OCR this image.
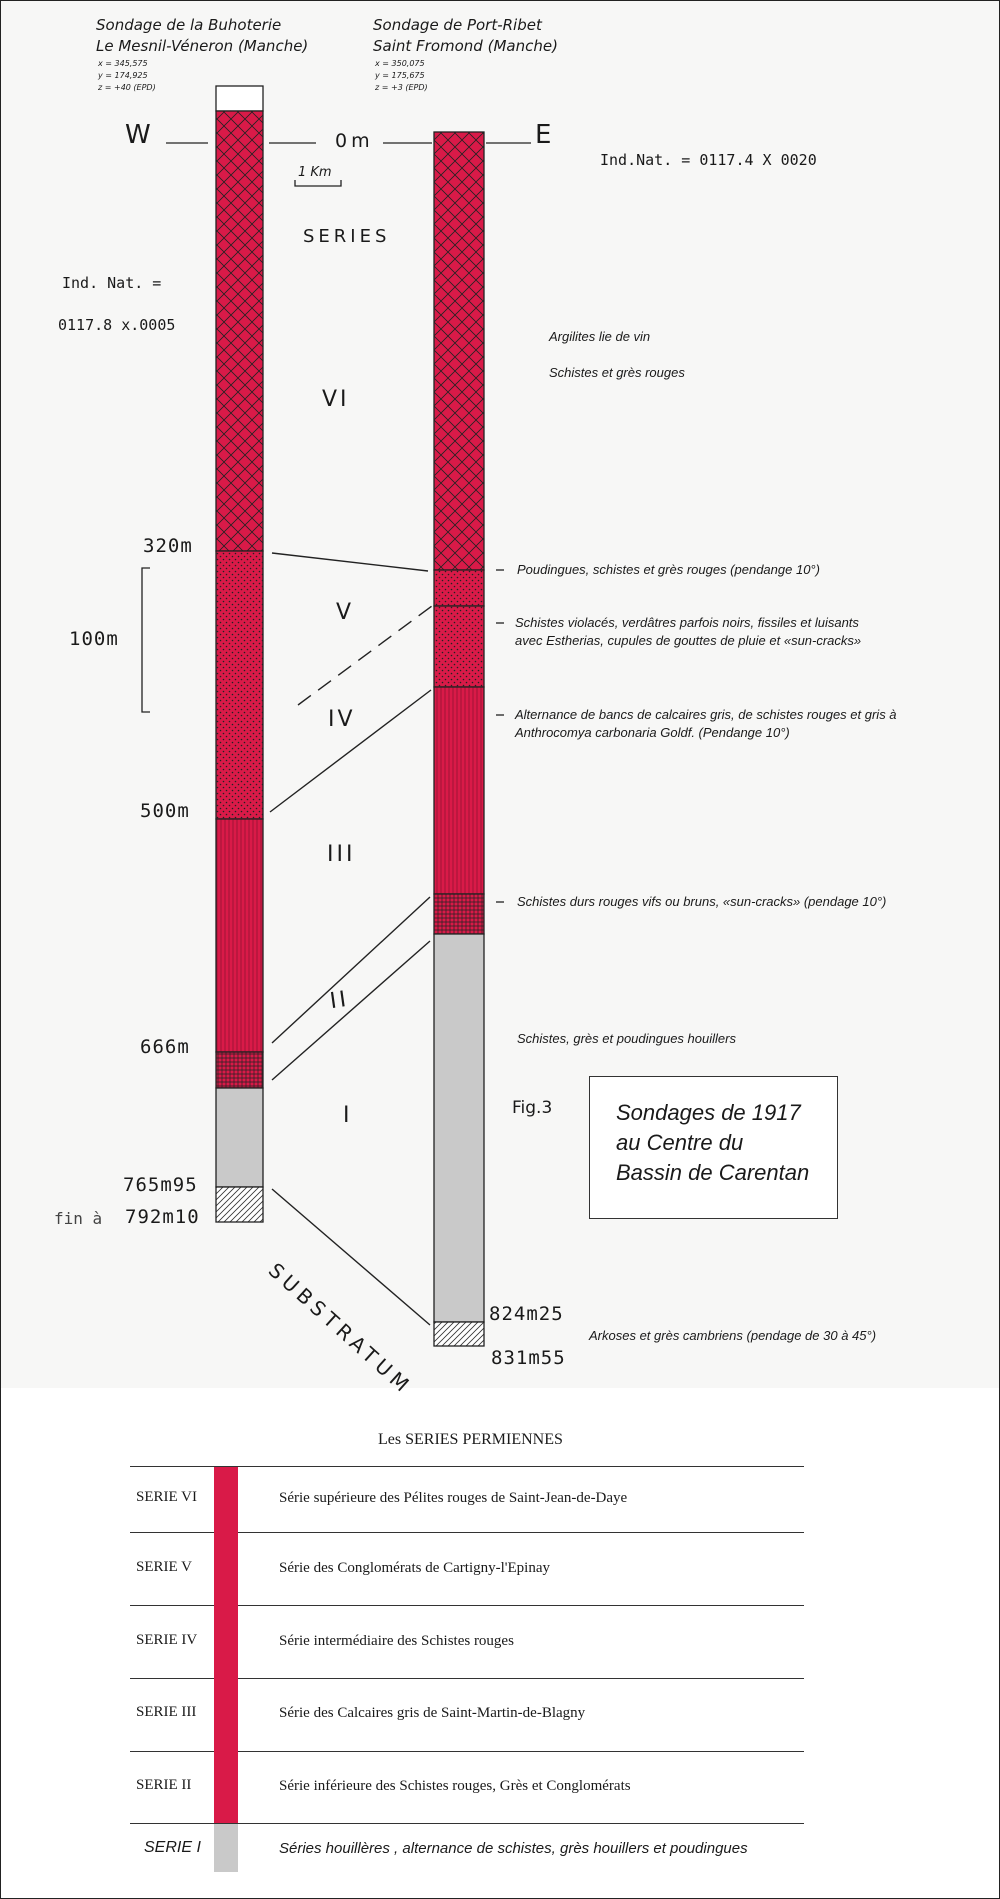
Sondage de la Buhoterie
Le Mesnil-Véneron (Manche)
x = 345,575
y = 174,925
z = +40 (EPD)
Sondage de Port-Ribet
Saint Fromond (Manche)
x = 350,075
y = 175,675
z = +3 (EPD)
W	E
0m
1 Km
SERIES
100m
Ind. Nat. =
0117.8 x.0005
Ind.Nat. = 0117.4 X 0020
320m
500m
666m
765m95
fin à 792m10
824m25
831m55
VI
V
IV
III
II
I
SUBSTRATUM
Fig.3
Argilites lie de vin
Schistes et grès rouges
Poudingues, schistes et grès rouges (pendange 10°)
Schistes violacés, verdâtres parfois noirs, fissiles et luisants
avec Estherias, cupules de gouttes de pluie et «sun-cracks»
Alternance de bancs de calcaires gris, de schistes rouges et gris à
Anthrocomya carbonaria Goldf. (Pendange 10°)
Schistes durs rouges vifs ou bruns, «sun-cracks» (pendage 10°)
Schistes, grès et poudingues houillers
Arkoses et grès cambriens (pendage de 30 à 45°)
Sondages de 1917
au Centre du
Bassin de Carentan
Les SERIES PERMIENNES
SERIE VI	Série supérieure des Pélites rouges de Saint-Jean-de-Daye
SERIE V	Série des Conglomérats de Cartigny-l'Epinay
SERIE IV	Série intermédiaire des Schistes rouges
SERIE III	Série des Calcaires gris de Saint-Martin-de-Blagny
SERIE II	Série inférieure des Schistes rouges, Grès et Conglomérats
SERIE I	Séries houillères , alternance de schistes, grès houillers et poudingues
